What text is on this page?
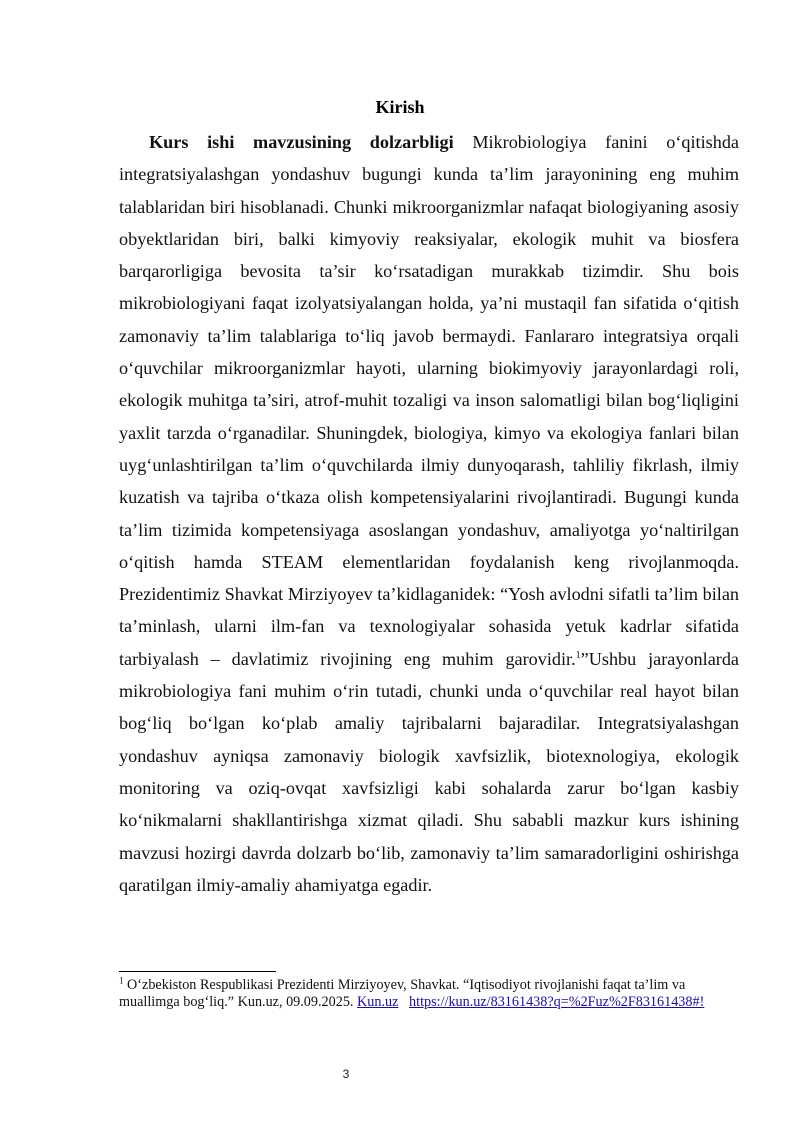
Kirish

Kurs ishi mavzusining dolzarbligi Mikrobiologiya fanini o‘qitishda integratsiyalashgan yondashuv bugungi kunda ta’lim jarayonining eng muhim talablaridan biri hisoblanadi. Chunki mikroorganizmlar nafaqat biologiyaning asosiy obyektlaridan biri, balki kimyoviy reaksiyalar, ekologik muhit va biosfera barqarorligiga bevosita ta’sir ko‘rsatadigan murakkab tizimdir. Shu bois mikrobiologiyani faqat izolyatsiyalangan holda, ya’ni mustaqil fan sifatida o‘qitish zamonaviy ta’lim talablariga to‘liq javob bermaydi. Fanlararo integratsiya orqali o‘quvchilar mikroorganizmlar hayoti, ularning biokimyoviy jarayonlardagi roli, ekologik muhitga ta’siri, atrof-muhit tozaligi va inson salomatligi bilan bog‘liqligini yaxlit tarzda o‘rganadilar. Shuningdek, biologiya, kimyo va ekologiya fanlari bilan uyg‘unlashtirilgan ta’lim o‘quvchilarda ilmiy dunyoqarash, tahliliy fikrlash, ilmiy kuzatish va tajriba o‘tkaza olish kompetensiyalarini rivojlantiradi. Bugungi kunda ta’lim tizimida kompetensiyaga asoslangan yondashuv, amaliyotga yo‘naltirilgan o‘qitish hamda STEAM elementlaridan foydalanish keng rivojlanmoqda. Prezidentimiz Shavkat Mirziyoyev ta’kidlaganidek: “Yosh avlodni sifatli ta’lim bilan ta’minlash, ularni ilm-fan va texnologiyalar sohasida yetuk kadrlar sifatida tarbiyalash – davlatimiz rivojining eng muhim garovidir.$^1$”Ushbu jarayonlarda mikrobiologiya fani muhim o‘rin tutadi, chunki unda o‘quvchilar real hayot bilan bog‘liq bo‘lgan ko‘plab amaliy tajribalarni bajaradilar. Integratsiyalashgan yondashuv ayniqsa zamonaviy biologik xavfsizlik, biotexnologiya, ekologik monitoring va oziq-ovqat xavfsizligi kabi sohalarda zarur bo‘lgan kasbiy ko‘nikmalarni shakllantirishga xizmat qiladi. Shu sababli mazkur kurs ishining mavzusi hozirgi davrda dolzarb bo‘lib, zamonaviy ta’lim samaradorligini oshirishga qaratilgan ilmiy-amaliy ahamiyatga egadir.

$^1$ O‘zbekiston Respublikasi Prezidenti Mirziyoyev, Shavkat. “Iqtisodiyot rivojlanishi faqat ta’lim va muallimga bog‘liq.” Kun.uz, 09.09.2025. Kun.uz https://kun.uz/83161438?q=%2Fuz%2F83161438#!

3
